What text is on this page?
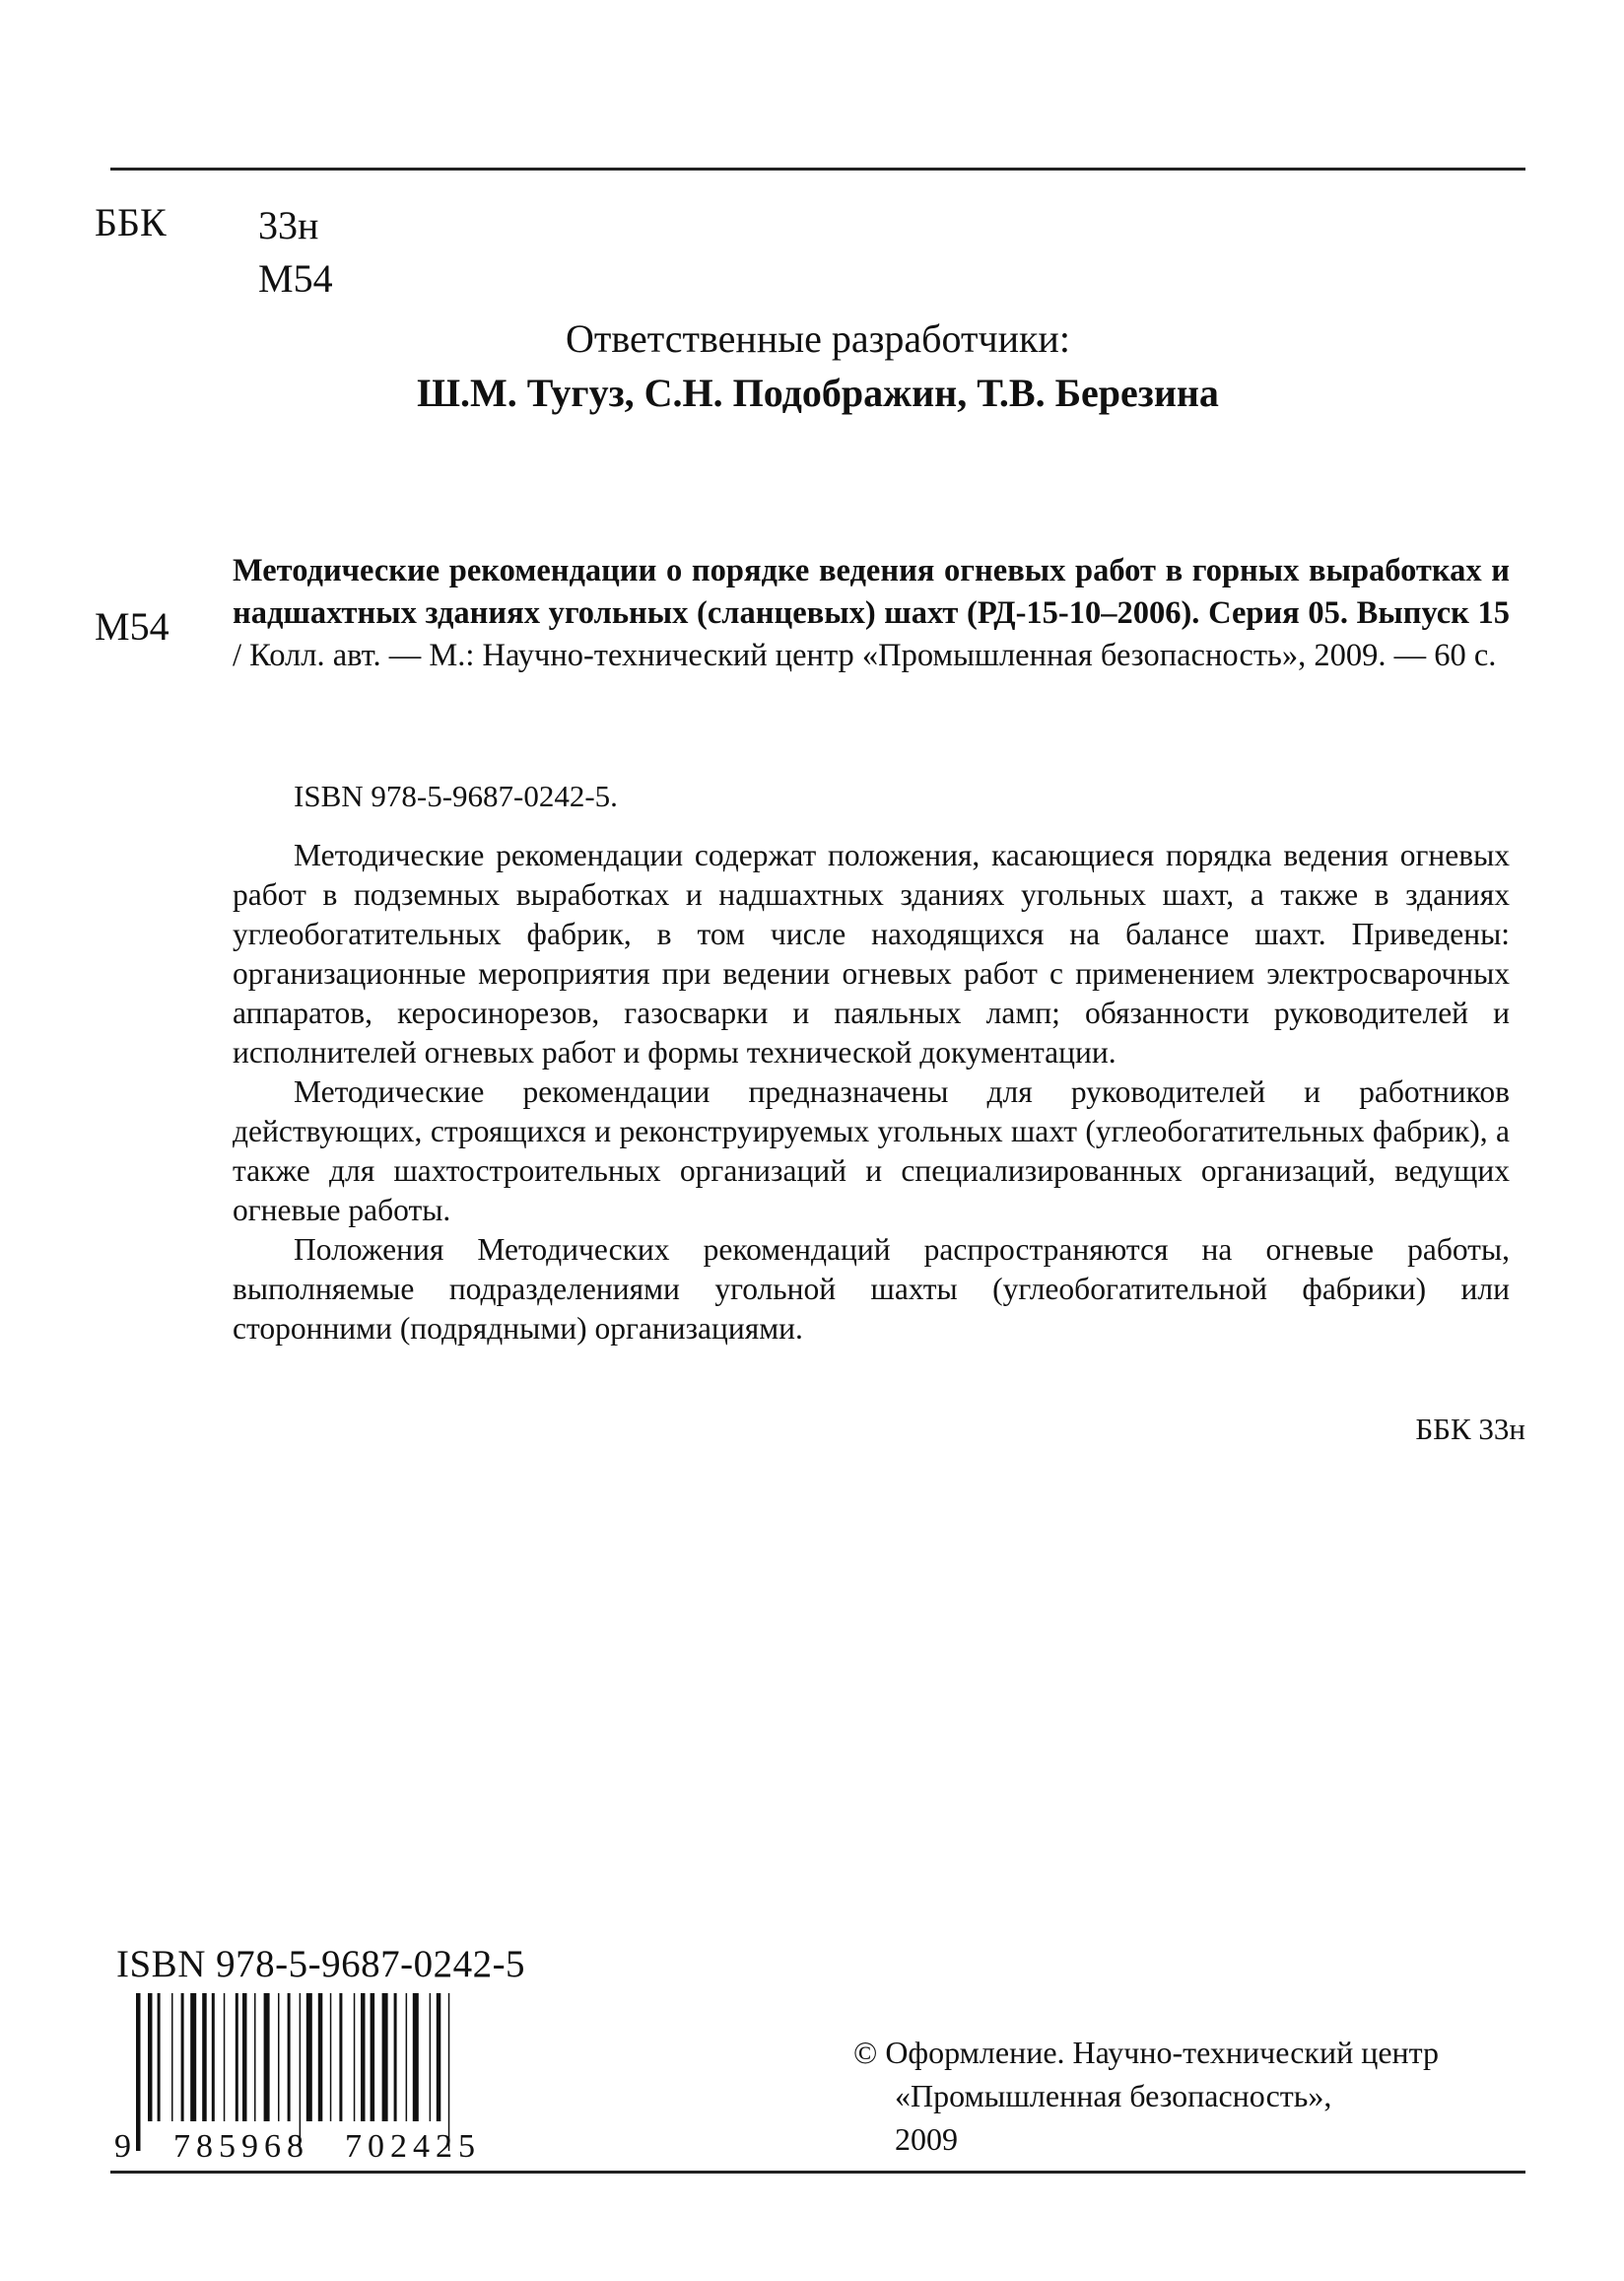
ББК 33н
М54
Ответственные разработчики:
Ш.М. Тугуз, С.Н. Подображин, Т.В. Березина
М54
Методические рекомендации о порядке ведения огневых работ в горных выработках и надшахтных зданиях угольных (сланцевых) шахт (РД-15-10–2006). Серия 05. Выпуск 15 / Колл. авт. — М.: Научно-технический центр «Промышленная безопасность», 2009. — 60 с.
ISBN 978-5-9687-0242-5.

Методические рекомендации содержат положения, касающиеся порядка ведения огневых работ в подземных выработках и надшахтных зданиях угольных шахт, а также в зданиях углеобогатительных фабрик, в том числе находящихся на балансе шахт. Приведены: организационные мероприятия при ведении огневых работ с применением электросварочных аппаратов, керосинорезов, газосварки и паяльных ламп; обязанности руководителей и исполнителей огневых работ и формы технической документации.

Методические рекомендации предназначены для руководителей и работников действующих, строящихся и реконструируемых угольных шахт (углеобогатительных фабрик), а также для шахтостроительных организаций и специализированных организаций, ведущих огневые работы.

Положения Методических рекомендаций распространяются на огневые работы, выполняемые подразделениями угольной шахты (углеобогатительной фабрики) или сторонними (подрядными) организациями.

ББК 33н
ISBN 978-5-9687-0242-5
9 785968 702425
© Оформление. Научно-технический центр
«Промышленная безопасность»,
2009
